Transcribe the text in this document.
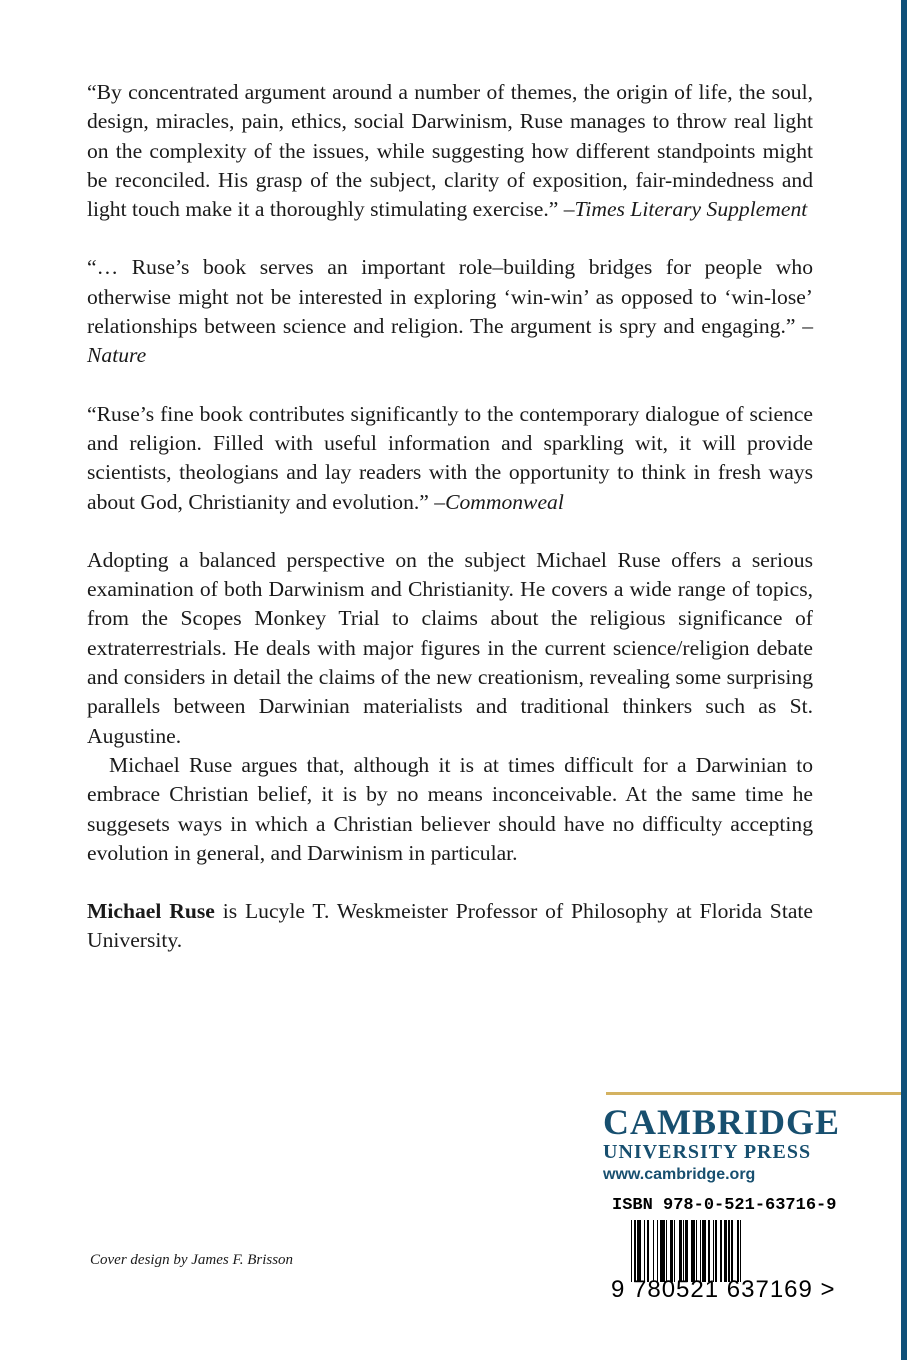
“By concentrated argument around a number of themes, the origin of life, the soul, design, miracles, pain, ethics, social Darwinism, Ruse manages to throw real light on the complexity of the issues, while suggesting how different standpoints might be reconciled. His grasp of the subject, clarity of exposition, fair-mindedness and light touch make it a thoroughly stimulating exercise.” –Times Literary Supplement

“… Ruse’s book serves an important role–building bridges for people who otherwise might not be interested in exploring ‘win-win’ as opposed to ‘win-lose’ relationships between science and religion. The argument is spry and engaging.” –Nature

“Ruse’s fine book contributes significantly to the contemporary dialogue of science and religion. Filled with useful information and sparkling wit, it will provide scientists, theologians and lay readers with the opportunity to think in fresh ways about God, Christianity and evolution.” –Commonweal

Adopting a balanced perspective on the subject Michael Ruse offers a serious examination of both Darwinism and Christianity. He covers a wide range of topics, from the Scopes Monkey Trial to claims about the religious significance of extraterrestrials. He deals with major figures in the current science/religion debate and considers in detail the claims of the new creationism, revealing some surprising parallels between Darwinian materialists and traditional thinkers such as St. Augustine.

Michael Ruse argues that, although it is at times difficult for a Darwinian to embrace Christian belief, it is by no means inconceivable. At the same time he suggesets ways in which a Christian believer should have no difficulty accepting evolution in general, and Darwinism in particular.

Michael Ruse is Lucyle T. Weskmeister Professor of Philosophy at Florida State University.

CAMBRIDGE
UNIVERSITY PRESS
www.cambridge.org
ISBN 978-0-521-63716-9
9 780521 637169 >
Cover design by James F. Brisson
